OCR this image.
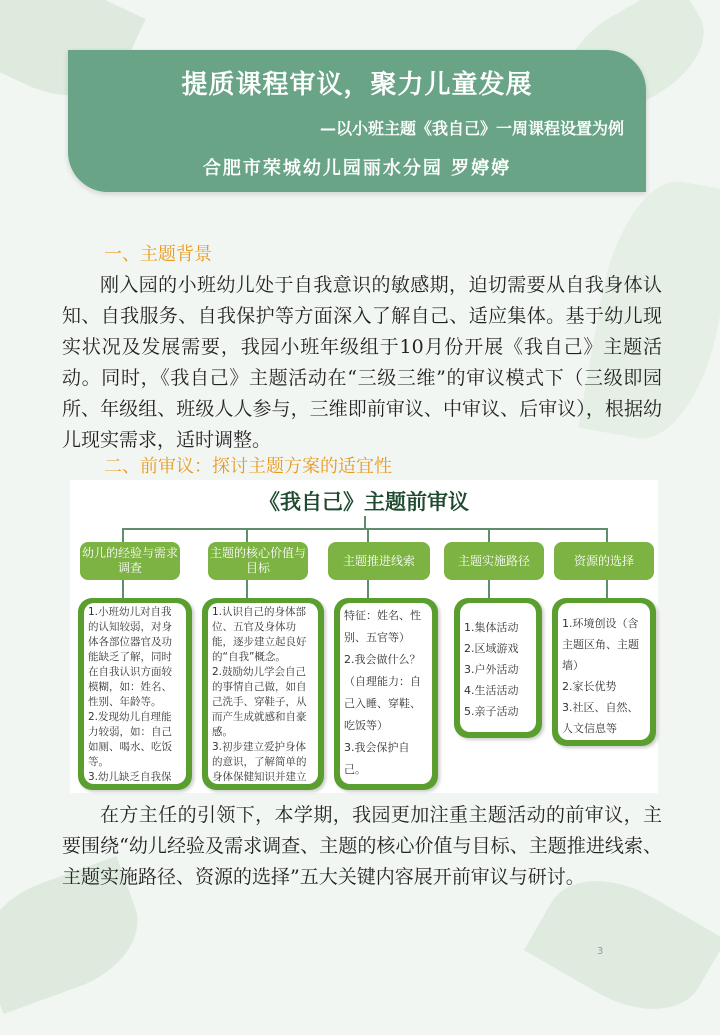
提质课程审议，聚力儿童发展
—以小班主题《我自己》一周课程设置为例
合肥市荣城幼儿园丽水分园 罗婷婷
一、主题背景

刚入园的小班幼儿处于自我意识的敏感期，迫切需要从自我身体认知、自我服务、自我保护等方面深入了解自己、适应集体。基于幼儿现实状况及发展需要，我园小班年级组于10月份开展《我自己》主题活动。同时，《我自己》主题活动在“三级三维”的审议模式下（三级即园所、年级组、班级人人参与，三维即前审议、中审议、后审议），根据幼儿现实需求，适时调整。

二、前审议：探讨主题方案的适宜性
《我自己》主题前审议
幼儿的经验与需求调查
主题的核心价值与目标
主题推进线索	主题实施路径	资源的选择
1.小班幼儿对自我的认知较弱，对身体各部位器官及功能缺乏了解，同时在自我认识方面较模糊，如：姓名、性别、年龄等。
2.发现幼儿自理能力较弱，如：自己如厕、喝水、吃饭等。
3.幼儿缺乏自我保
1.认识自己的身体部位、五官及身体功能，逐步建立起良好的“自我”概念。
2.鼓励幼儿学会自己的事情自己做，如自己洗手、穿鞋子，从而产生成就感和自豪感。
3.初步建立爱护身体的意识，了解简单的身体保健知识并建立
特征：姓名、性别、五官等）
2.我会做什么？
（自理能力：自己入睡、穿鞋、吃饭等）
3.我会保护自己。

1.集体活动
2.区域游戏
3.户外活动
4.生活活动
5.亲子活动
1.环境创设（含主题区角、主题墙）
2.家长优势
3.社区、自然、人文信息等

在方主任的引领下，本学期，我园更加注重主题活动的前审议，主要围绕“幼儿经验及需求调查、主题的核心价值与目标、主题推进线索、主题实施路径、资源的选择”五大关键内容展开前审议与研讨。

3
